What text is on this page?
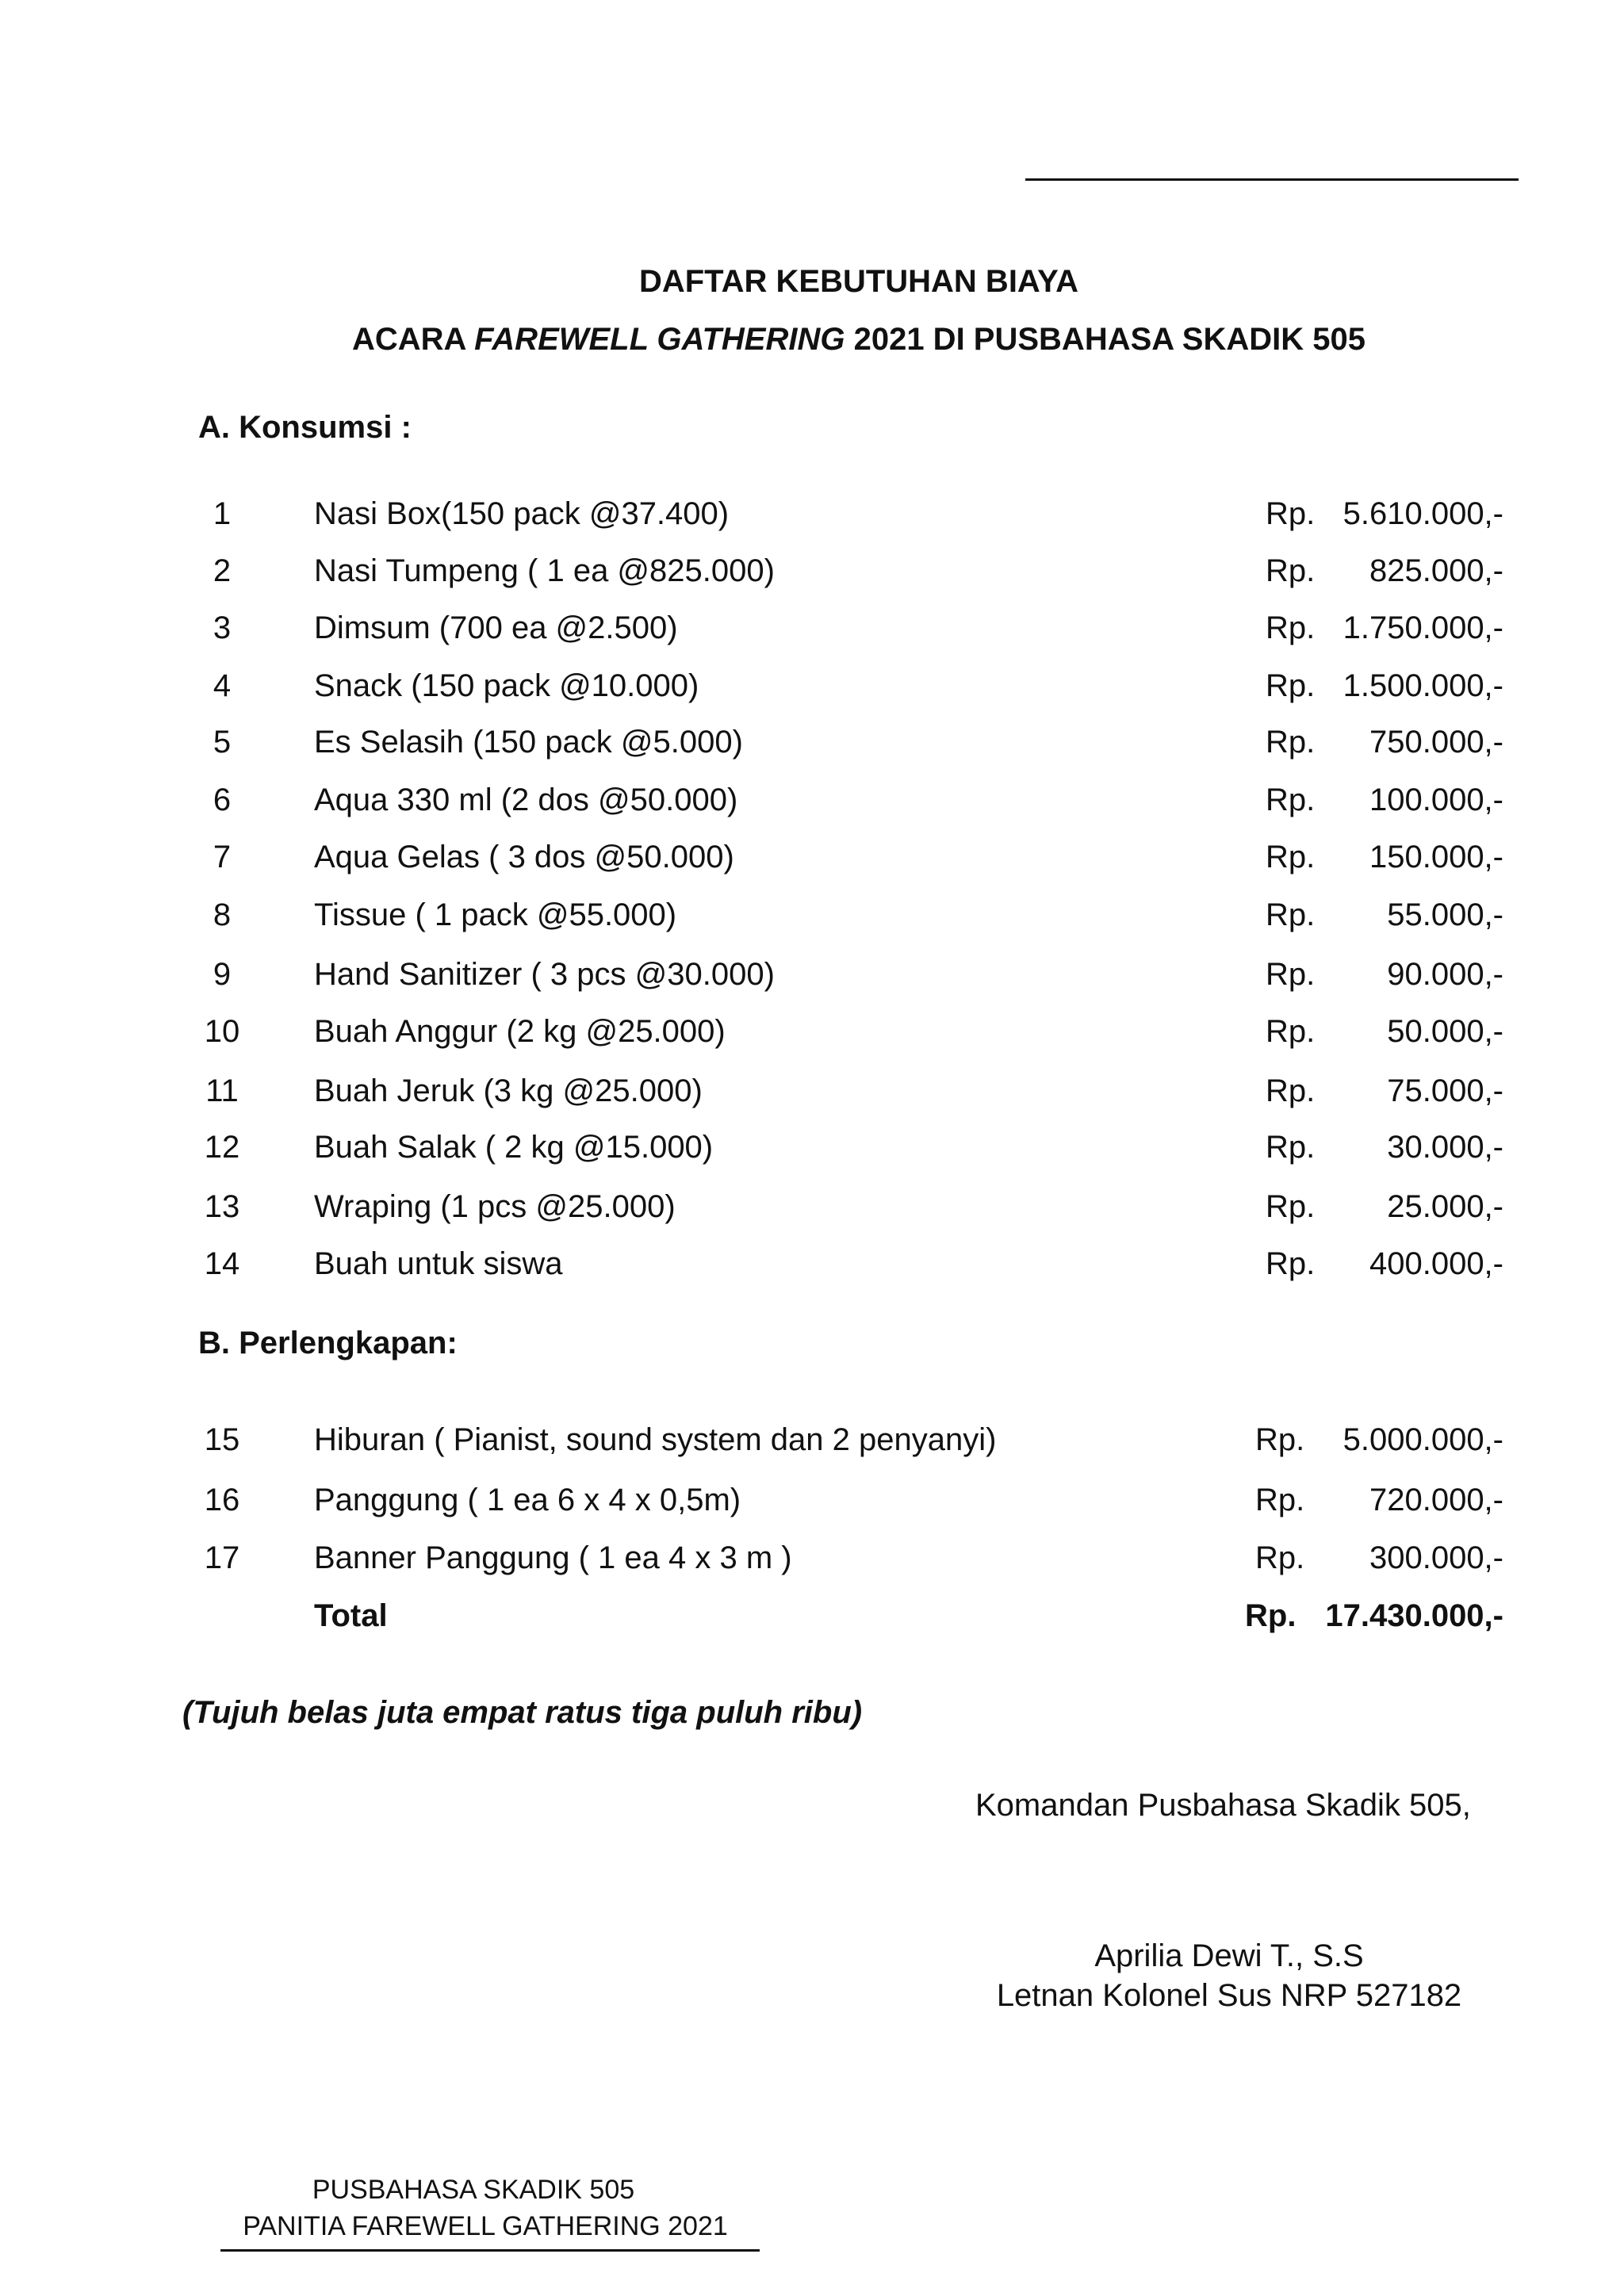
DAFTAR KEBUTUHAN BIAYA
ACARA FAREWELL GATHERING 2021 DI PUSBAHASA SKADIK 505
A. Konsumsi :
1	Nasi Box(150 pack @37.400)	Rp. 5.610.000,-
2	Nasi Tumpeng ( 1 ea @825.000)	Rp. 825.000,-
3	Dimsum (700 ea @2.500)	Rp. 1.750.000,-
4	Snack (150 pack @10.000)	Rp. 1.500.000,-
5	Es Selasih (150 pack @5.000)	Rp. 750.000,-
6	Aqua 330 ml (2 dos @50.000)	Rp. 100.000,-
7	Aqua Gelas ( 3 dos @50.000)	Rp. 150.000,-
8	Tissue ( 1 pack @55.000)	Rp. 55.000,-
9	Hand Sanitizer ( 3 pcs @30.000)	Rp. 90.000,-
10	Buah Anggur (2 kg @25.000)	Rp. 50.000,-
11	Buah Jeruk (3 kg @25.000)	Rp. 75.000,-
12	Buah Salak ( 2 kg @15.000)	Rp. 30.000,-
13	Wraping (1 pcs @25.000)	Rp. 25.000,-
14	Buah untuk siswa	Rp. 400.000,-
B. Perlengkapan:
15	Hiburan ( Pianist, sound system dan 2 penyanyi)	Rp. 5.000.000,-
16	Panggung ( 1 ea 6 x 4 x 0,5m)	Rp. 720.000,-
17	Banner Panggung ( 1 ea 4 x 3 m )	Rp. 300.000,-
Total	Rp. 17.430.000,-
(Tujuh belas juta empat ratus tiga puluh ribu)
Komandan Pusbahasa Skadik 505,
Aprilia Dewi T., S.S
Letnan Kolonel Sus NRP 527182
PUSBAHASA SKADIK 505
PANITIA FAREWELL GATHERING 2021
